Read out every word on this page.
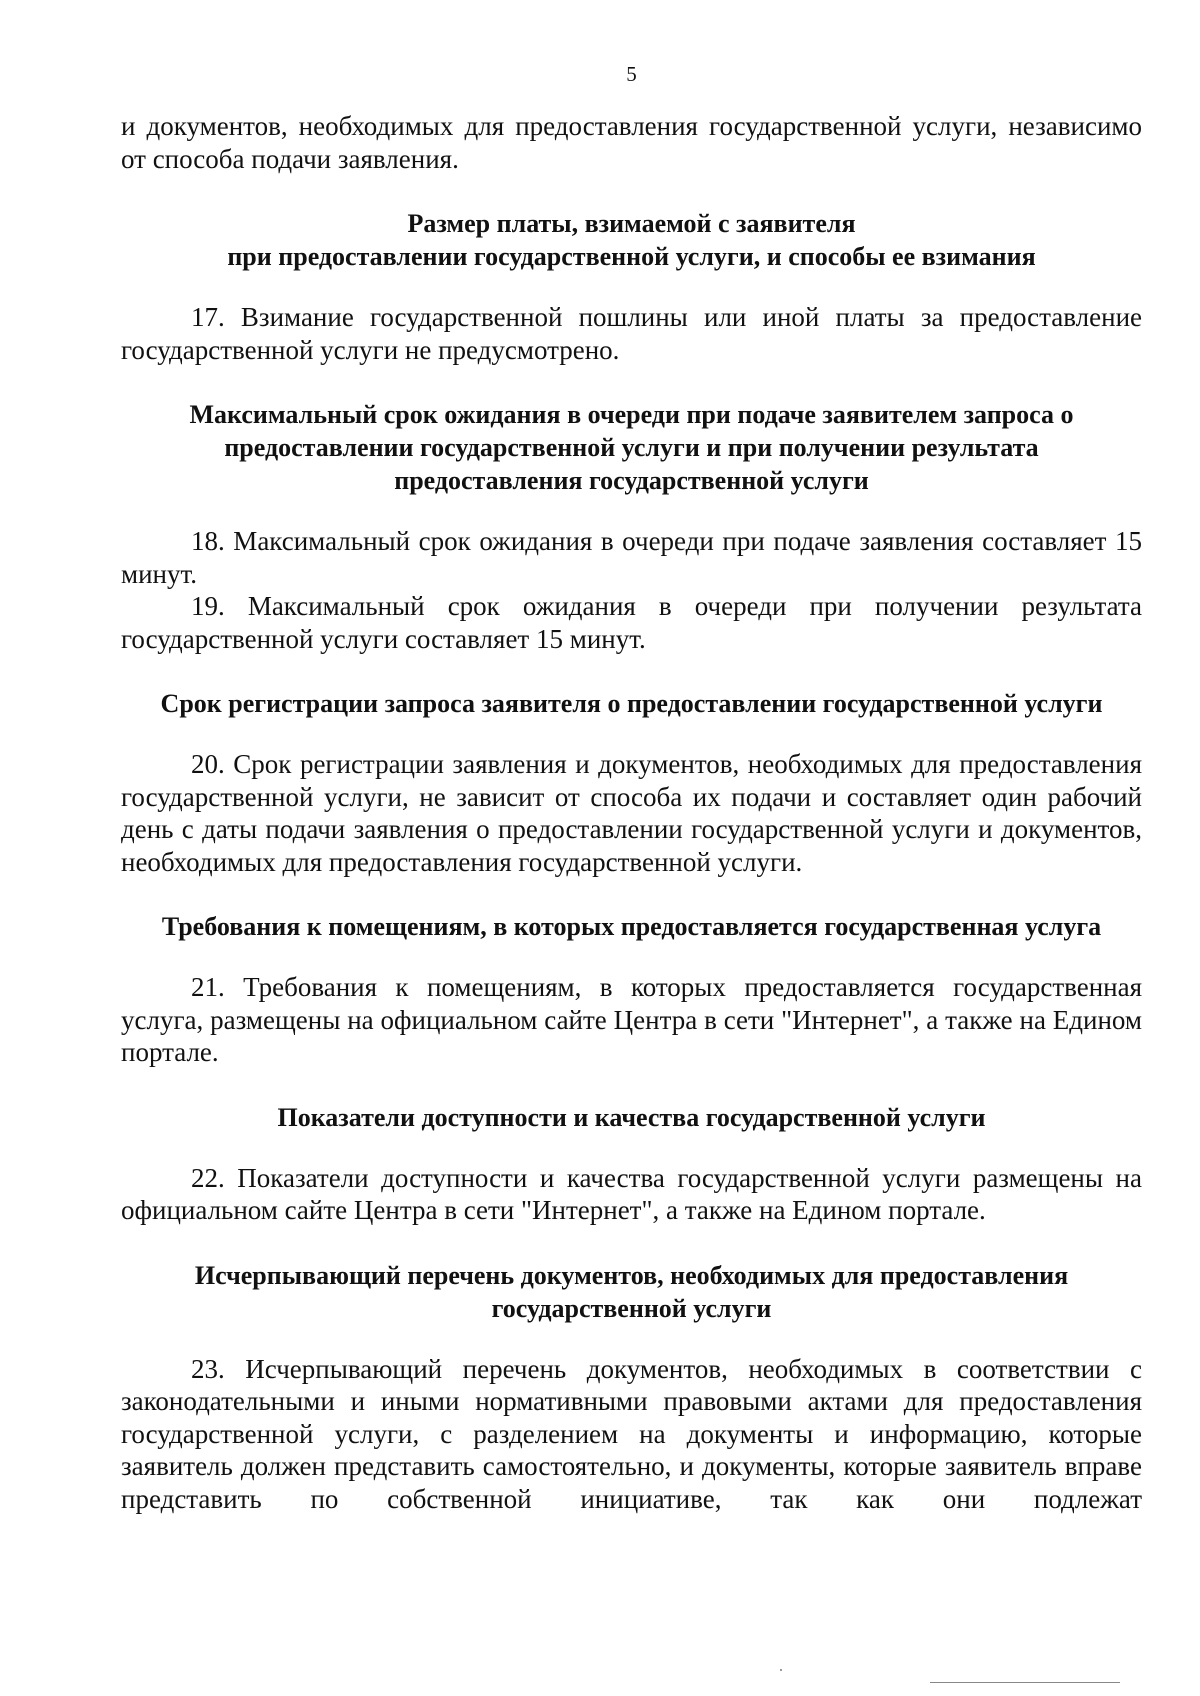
5

и документов, необходимых для предоставления государственной услуги, независимо от способа подачи заявления.

Размер платы, взимаемой с заявителя
при предоставлении государственной услуги, и способы ее взимания

17. Взимание государственной пошлины или иной платы за предоставление государственной услуги не предусмотрено.

Максимальный срок ожидания в очереди при подаче заявителем запроса о
предоставлении государственной услуги и при получении результата
предоставления государственной услуги

18. Максимальный срок ожидания в очереди при подаче заявления составляет 15 минут.

19. Максимальный срок ожидания в очереди при получении результата государственной услуги составляет 15 минут.

Срок регистрации запроса заявителя о предоставлении государственной услуги

20. Срок регистрации заявления и документов, необходимых для предоставления государственной услуги, не зависит от способа их подачи и составляет один рабочий день с даты подачи заявления о предоставлении государственной услуги и документов, необходимых для предоставления государственной услуги.

Требования к помещениям, в которых предоставляется государственная услуга

21. Требования к помещениям, в которых предоставляется государственная услуга, размещены на официальном сайте Центра в сети "Интернет", а также на Едином портале.

Показатели доступности и качества государственной услуги

22. Показатели доступности и качества государственной услуги размещены на официальном сайте Центра в сети "Интернет", а также на Едином портале.

Исчерпывающий перечень документов, необходимых для предоставления
государственной услуги

23. Исчерпывающий перечень документов, необходимых в соответствии с законодательными и иными нормативными правовыми актами для предоставления государственной услуги, с разделением на документы и информацию, которые заявитель должен представить самостоятельно, и документы, которые заявитель вправе представить по собственной инициативе, так как они подлежат
